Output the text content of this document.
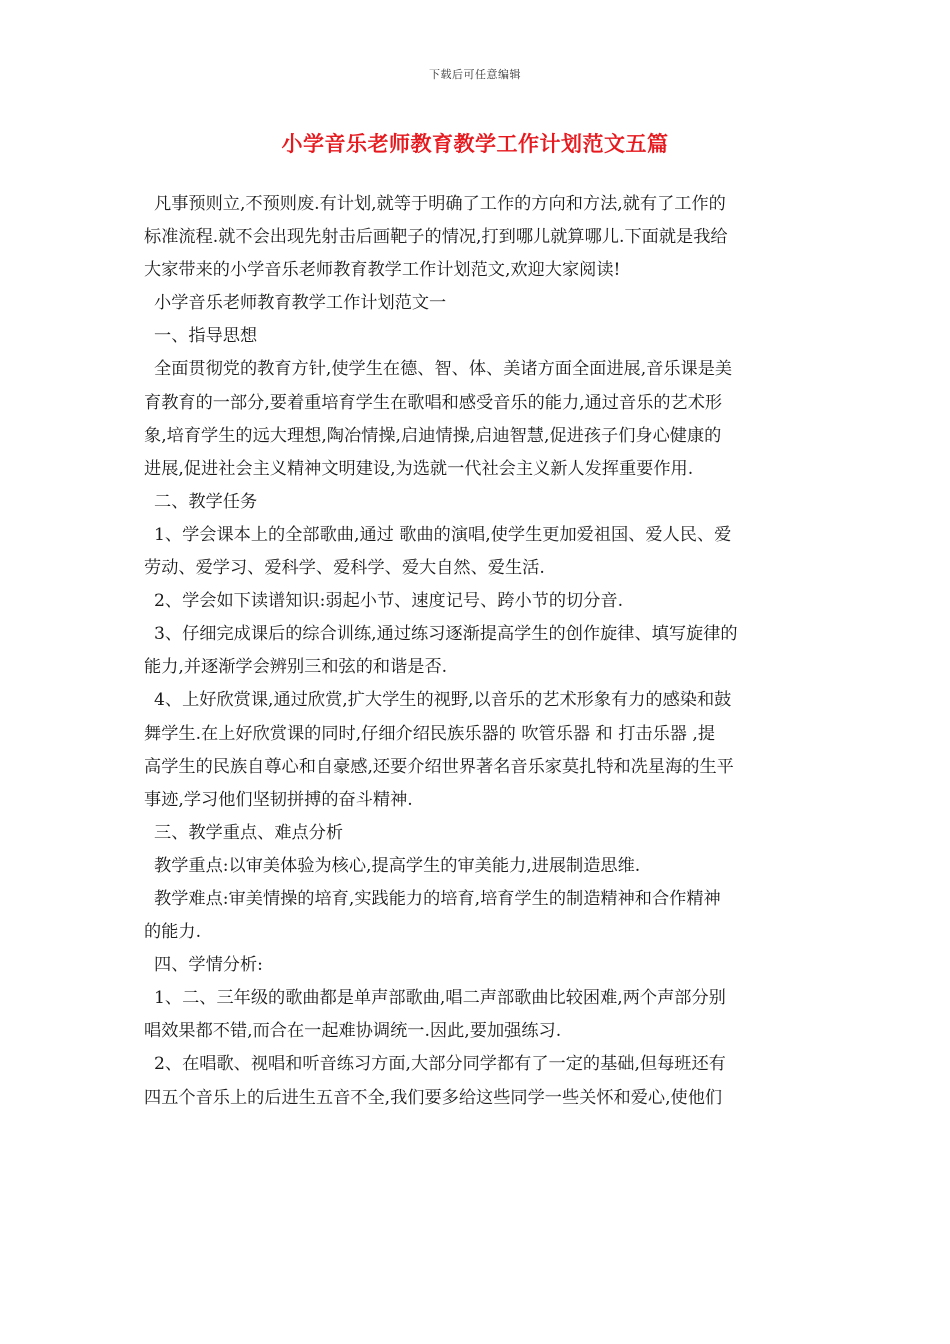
下载后可任意编辑
小学音乐老师教育教学工作计划范文五篇
凡事预则立,不预则废.有计划,就等于明确了工作的方向和方法,就有了工作的
标准流程.就不会出现先射击后画靶子的情况,打到哪儿就算哪儿.下面就是我给
大家带来的小学音乐老师教育教学工作计划范文,欢迎大家阅读!
小学音乐老师教育教学工作计划范文一
一、指导思想
全面贯彻党的教育方针,使学生在德、智、体、美诸方面全面进展,音乐课是美
育教育的一部分,要着重培育学生在歌唱和感受音乐的能力,通过音乐的艺术形
象,培育学生的远大理想,陶冶情操,启迪情操,启迪智慧,促进孩子们身心健康的
进展,促进社会主义精神文明建设,为选就一代社会主义新人发挥重要作用.
二、教学任务
1、学会课本上的全部歌曲,通过 歌曲的演唱,使学生更加爱祖国、爱人民、爱
劳动、爱学习、爱科学、爱科学、爱大自然、爱生活.
2、学会如下读谱知识:弱起小节、速度记号、跨小节的切分音.
3、仔细完成课后的综合训练,通过练习逐渐提高学生的创作旋律、填写旋律的
能力,并逐渐学会辨别三和弦的和谐是否.
4、上好欣赏课,通过欣赏,扩大学生的视野,以音乐的艺术形象有力的感染和鼓
舞学生.在上好欣赏课的同时,仔细介绍民族乐器的 吹管乐器 和 打击乐器 ,提
高学生的民族自尊心和自豪感,还要介绍世界著名音乐家莫扎特和冼星海的生平
事迹,学习他们坚韧拼搏的奋斗精神.
三、教学重点、难点分析
教学重点:以审美体验为核心,提高学生的审美能力,进展制造思维.
教学难点:审美情操的培育,实践能力的培育,培育学生的制造精神和合作精神
的能力.
四、学情分析:
1、二、三年级的歌曲都是单声部歌曲,唱二声部歌曲比较困难,两个声部分别
唱效果都不错,而合在一起难协调统一.因此,要加强练习.
2、在唱歌、视唱和听音练习方面,大部分同学都有了一定的基础,但每班还有
四五个音乐上的后进生五音不全,我们要多给这些同学一些关怀和爱心,使他们
